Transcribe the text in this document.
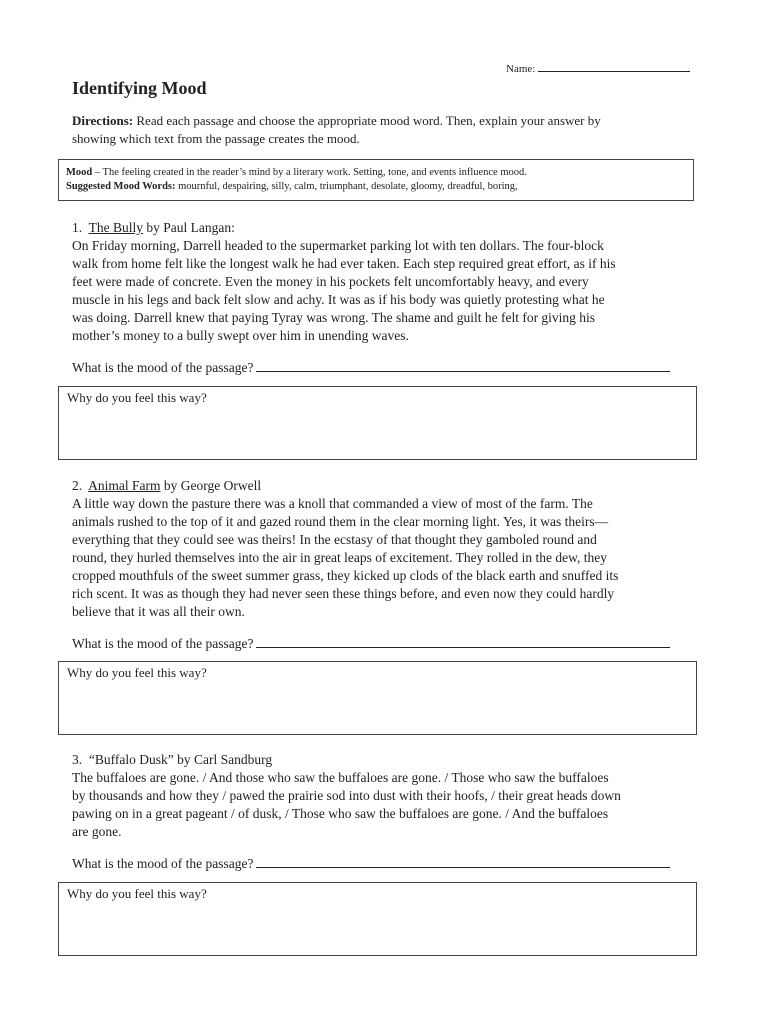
Name:
Identifying Mood
Directions: Read each passage and choose the appropriate mood word. Then, explain your answer by
showing which text from the passage creates the mood.
Mood – The feeling created in the reader’s mind by a literary work. Setting, tone, and events influence mood.
Suggested Mood Words: mournful, despairing, silly, calm, triumphant, desolate, gloomy, dreadful, boring,
1. The Bully by Paul Langan:
On Friday morning, Darrell headed to the supermarket parking lot with ten dollars. The four-block
walk from home felt like the longest walk he had ever taken. Each step required great effort, as if his
feet were made of concrete. Even the money in his pockets felt uncomfortably heavy, and every
muscle in his legs and back felt slow and achy. It was as if his body was quietly protesting what he
was doing. Darrell knew that paying Tyray was wrong. The shame and guilt he felt for giving his
mother’s money to a bully swept over him in unending waves.
What is the mood of the passage?
Why do you feel this way?
2. Animal Farm by George Orwell
A little way down the pasture there was a knoll that commanded a view of most of the farm. The
animals rushed to the top of it and gazed round them in the clear morning light. Yes, it was theirs—
everything that they could see was theirs! In the ecstasy of that thought they gamboled round and
round, they hurled themselves into the air in great leaps of excitement. They rolled in the dew, they
cropped mouthfuls of the sweet summer grass, they kicked up clods of the black earth and snuffed its
rich scent. It was as though they had never seen these things before, and even now they could hardly
believe that it was all their own.
What is the mood of the passage?
Why do you feel this way?
3. “Buffalo Dusk” by Carl Sandburg
The buffaloes are gone. / And those who saw the buffaloes are gone. / Those who saw the buffaloes
by thousands and how they / pawed the prairie sod into dust with their hoofs, / their great heads down
pawing on in a great pageant / of dusk, / Those who saw the buffaloes are gone. / And the buffaloes
are gone.
What is the mood of the passage?
Why do you feel this way?
